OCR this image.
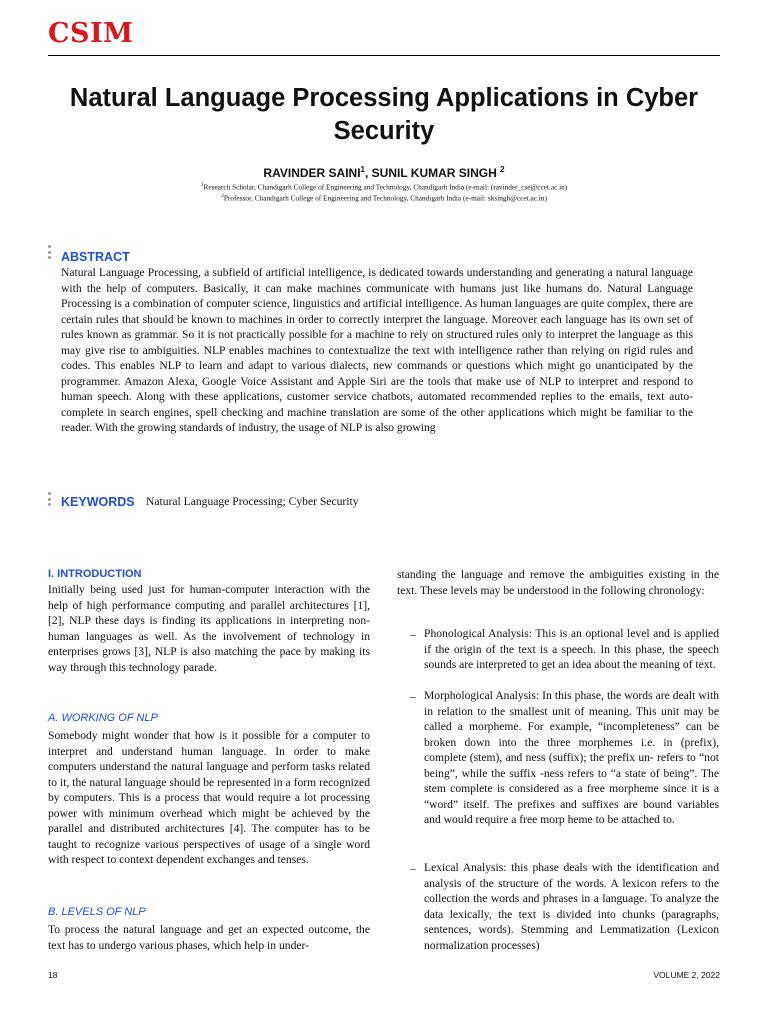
CSIM
Natural Language Processing Applications in Cyber Security
RAVINDER SAINI$^1$, SUNIL KUMAR SINGH $^2$
$^1$Research Scholar, Chandigarh College of Engineering and Technology, Chandigarh India (e-mail: (ravinder_cse@ccet.ac.in)
$^2$Professor, Chandigarh College of Engineering and Technology, Chandigarh India (e-mail: sksingh@ccet.ac.in)
ABSTRACT
Natural Language Processing, a subfield of artificial intelligence, is dedicated towards understanding and generating a natural language with the help of computers. Basically, it can make machines communicate with humans just like humans do. Natural Language Processing is a combination of computer science, linguistics and artificial intelligence. As human languages are quite complex, there are certain rules that should be known to machines in order to correctly interpret the language. Moreover each language has its own set of rules known as grammar. So it is not practically possible for a machine to rely on structured rules only to interpret the language as this may give rise to ambiguities. NLP enables machines to contextualize the text with intelligence rather than relying on rigid rules and codes. This enables NLP to learn and adapt to various dialects, new commands or questions which might go unanticipated by the programmer. Amazon Alexa, Google Voice Assistant and Apple Siri are the tools that make use of NLP to interpret and respond to human speech. Along with these applications, customer service chatbots, automated recommended replies to the emails, text auto-complete in search engines, spell checking and machine translation are some of the other applications which might be familiar to the reader. With the growing standards of industry, the usage of NLP is also growing
KEYWORDS Natural Language Processing; Cyber Security
I. INTRODUCTION

Initially being used just for human-computer interaction with the help of high performance computing and parallel architectures [1], [2], NLP these days is finding its applications in interpreting non-human languages as well. As the involvement of technology in enterprises grows [3], NLP is also matching the pace by making its way through this technology parade.

A. WORKING OF NLP

Somebody might wonder that how is it possible for a computer to interpret and understand human language. In order to make computers understand the natural language and perform tasks related to it, the natural language should be represented in a form recognized by computers. This is a process that would require a lot processing power with minimum overhead which might be achieved by the parallel and distributed architectures [4]. The computer has to be taught to recognize various perspectives of usage of a single word with respect to context dependent exchanges and tenses.

B. LEVELS OF NLP

To process the natural language and get an expected outcome, the text has to undergo various phases, which help in under-

standing the language and remove the ambiguities existing in the text. These levels may be understood in the following chronology:

– Phonological Analysis: This is an optional level and is applied if the origin of the text is a speech. In this phase, the speech sounds are interpreted to get an idea about the meaning of text.
– Morphological Analysis: In this phase, the words are dealt with in relation to the smallest unit of meaning. This unit may be called a morpheme. For example, “incompleteness” can be broken down into the three morphemes i.e. in (prefix), complete (stem), and ness (suffix); the prefix un- refers to “not being”, while the suffix -ness refers to “a state of being”. The stem complete is considered as a free morpheme since it is a “word” itself. The prefixes and suffixes are bound variables and would require a free morp heme to be attached to.
– Lexical Analysis: this phase deals with the identification and analysis of the structure of the words. A lexicon refers to the collection the words and phrases in a language. To analyze the data lexically, the text is divided into chunks (paragraphs, sentences, words). Stemming and Lemmatization (Lexicon normalization processes)
18	VOLUME 2, 2022
